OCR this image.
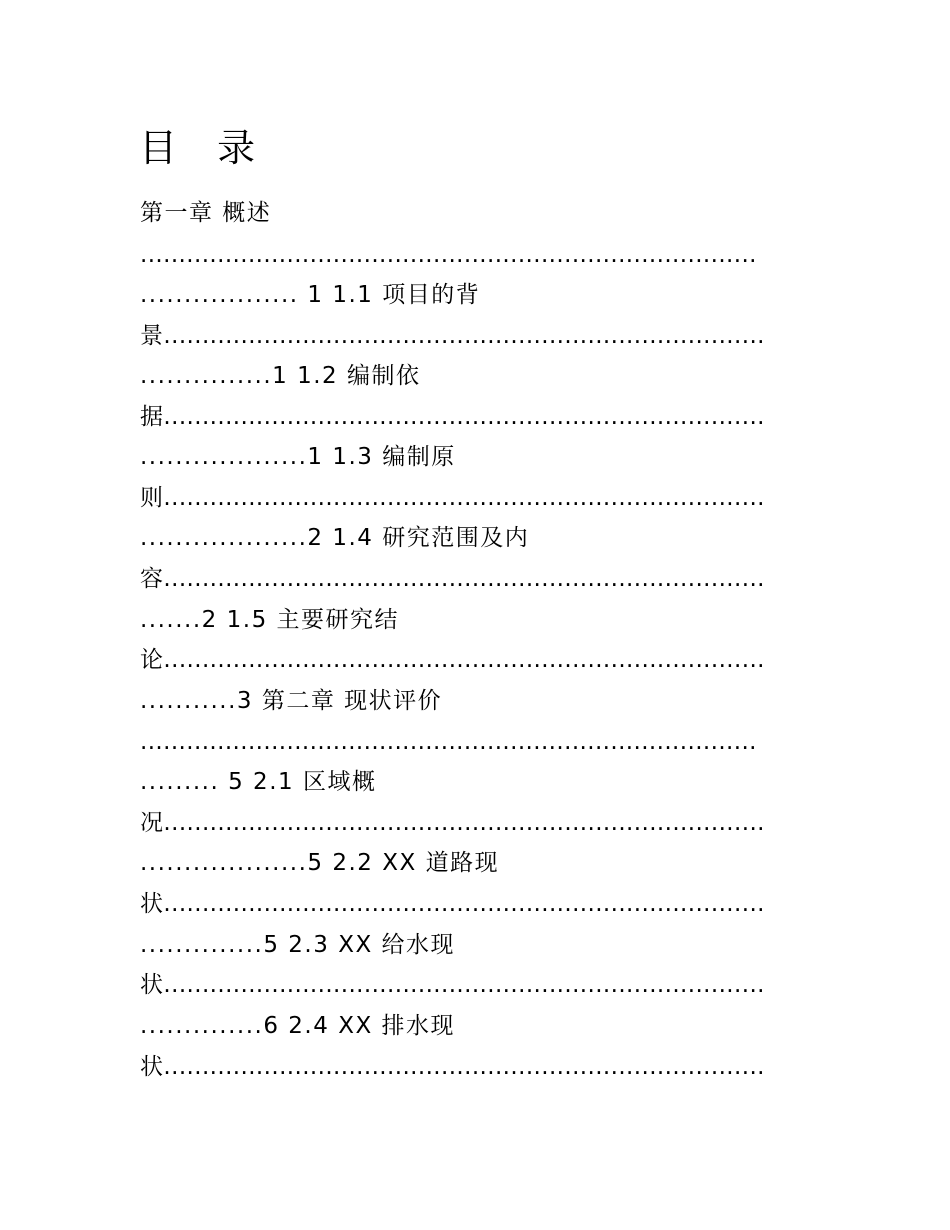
目 录
第一章 概述
................................................................................
.................. 1 1.1 项目的背
景..............................................................................
...............1 1.2 编制依
据..............................................................................
...................1 1.3 编制原
则..............................................................................
...................2 1.4 研究范围及内
容..............................................................................
.......2 1.5 主要研究结
论..............................................................................
...........3 第二章 现状评价
................................................................................
......... 5 2.1 区域概
况..............................................................................
...................5 2.2 XX 道路现
状..............................................................................
..............5 2.3 XX 给水现
状..............................................................................
..............6 2.4 XX 排水现
状..............................................................................
